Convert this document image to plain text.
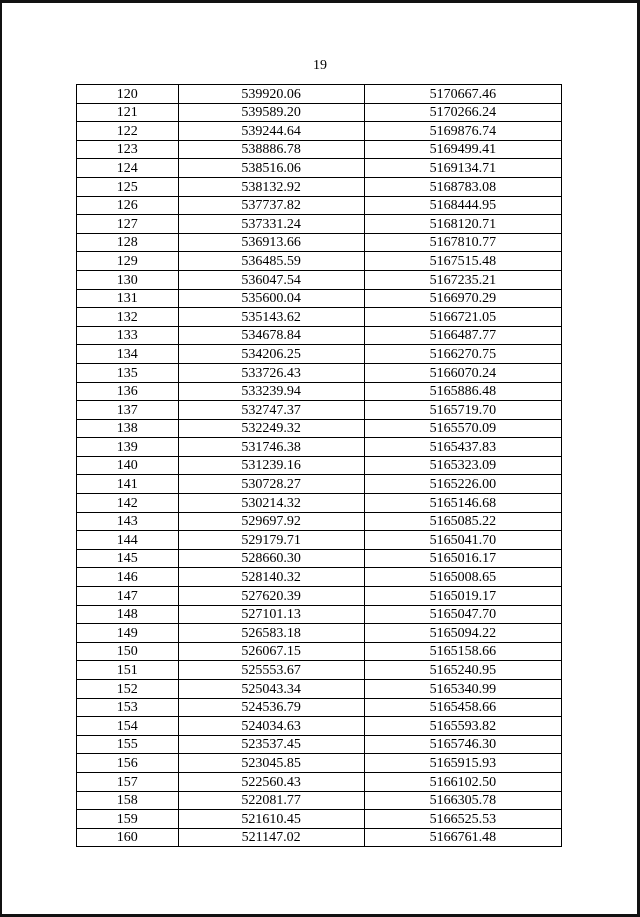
19
120	539920.06	5170667.46
121	539589.20	5170266.24
122	539244.64	5169876.74
123	538886.78	5169499.41
124	538516.06	5169134.71
125	538132.92	5168783.08
126	537737.82	5168444.95
127	537331.24	5168120.71
128	536913.66	5167810.77
129	536485.59	5167515.48
130	536047.54	5167235.21
131	535600.04	5166970.29
132	535143.62	5166721.05
133	534678.84	5166487.77
134	534206.25	5166270.75
135	533726.43	5166070.24
136	533239.94	5165886.48
137	532747.37	5165719.70
138	532249.32	5165570.09
139	531746.38	5165437.83
140	531239.16	5165323.09
141	530728.27	5165226.00
142	530214.32	5165146.68
143	529697.92	5165085.22
144	529179.71	5165041.70
145	528660.30	5165016.17
146	528140.32	5165008.65
147	527620.39	5165019.17
148	527101.13	5165047.70
149	526583.18	5165094.22
150	526067.15	5165158.66
151	525553.67	5165240.95
152	525043.34	5165340.99
153	524536.79	5165458.66
154	524034.63	5165593.82
155	523537.45	5165746.30
156	523045.85	5165915.93
157	522560.43	5166102.50
158	522081.77	5166305.78
159	521610.45	5166525.53
160	521147.02	5166761.48
